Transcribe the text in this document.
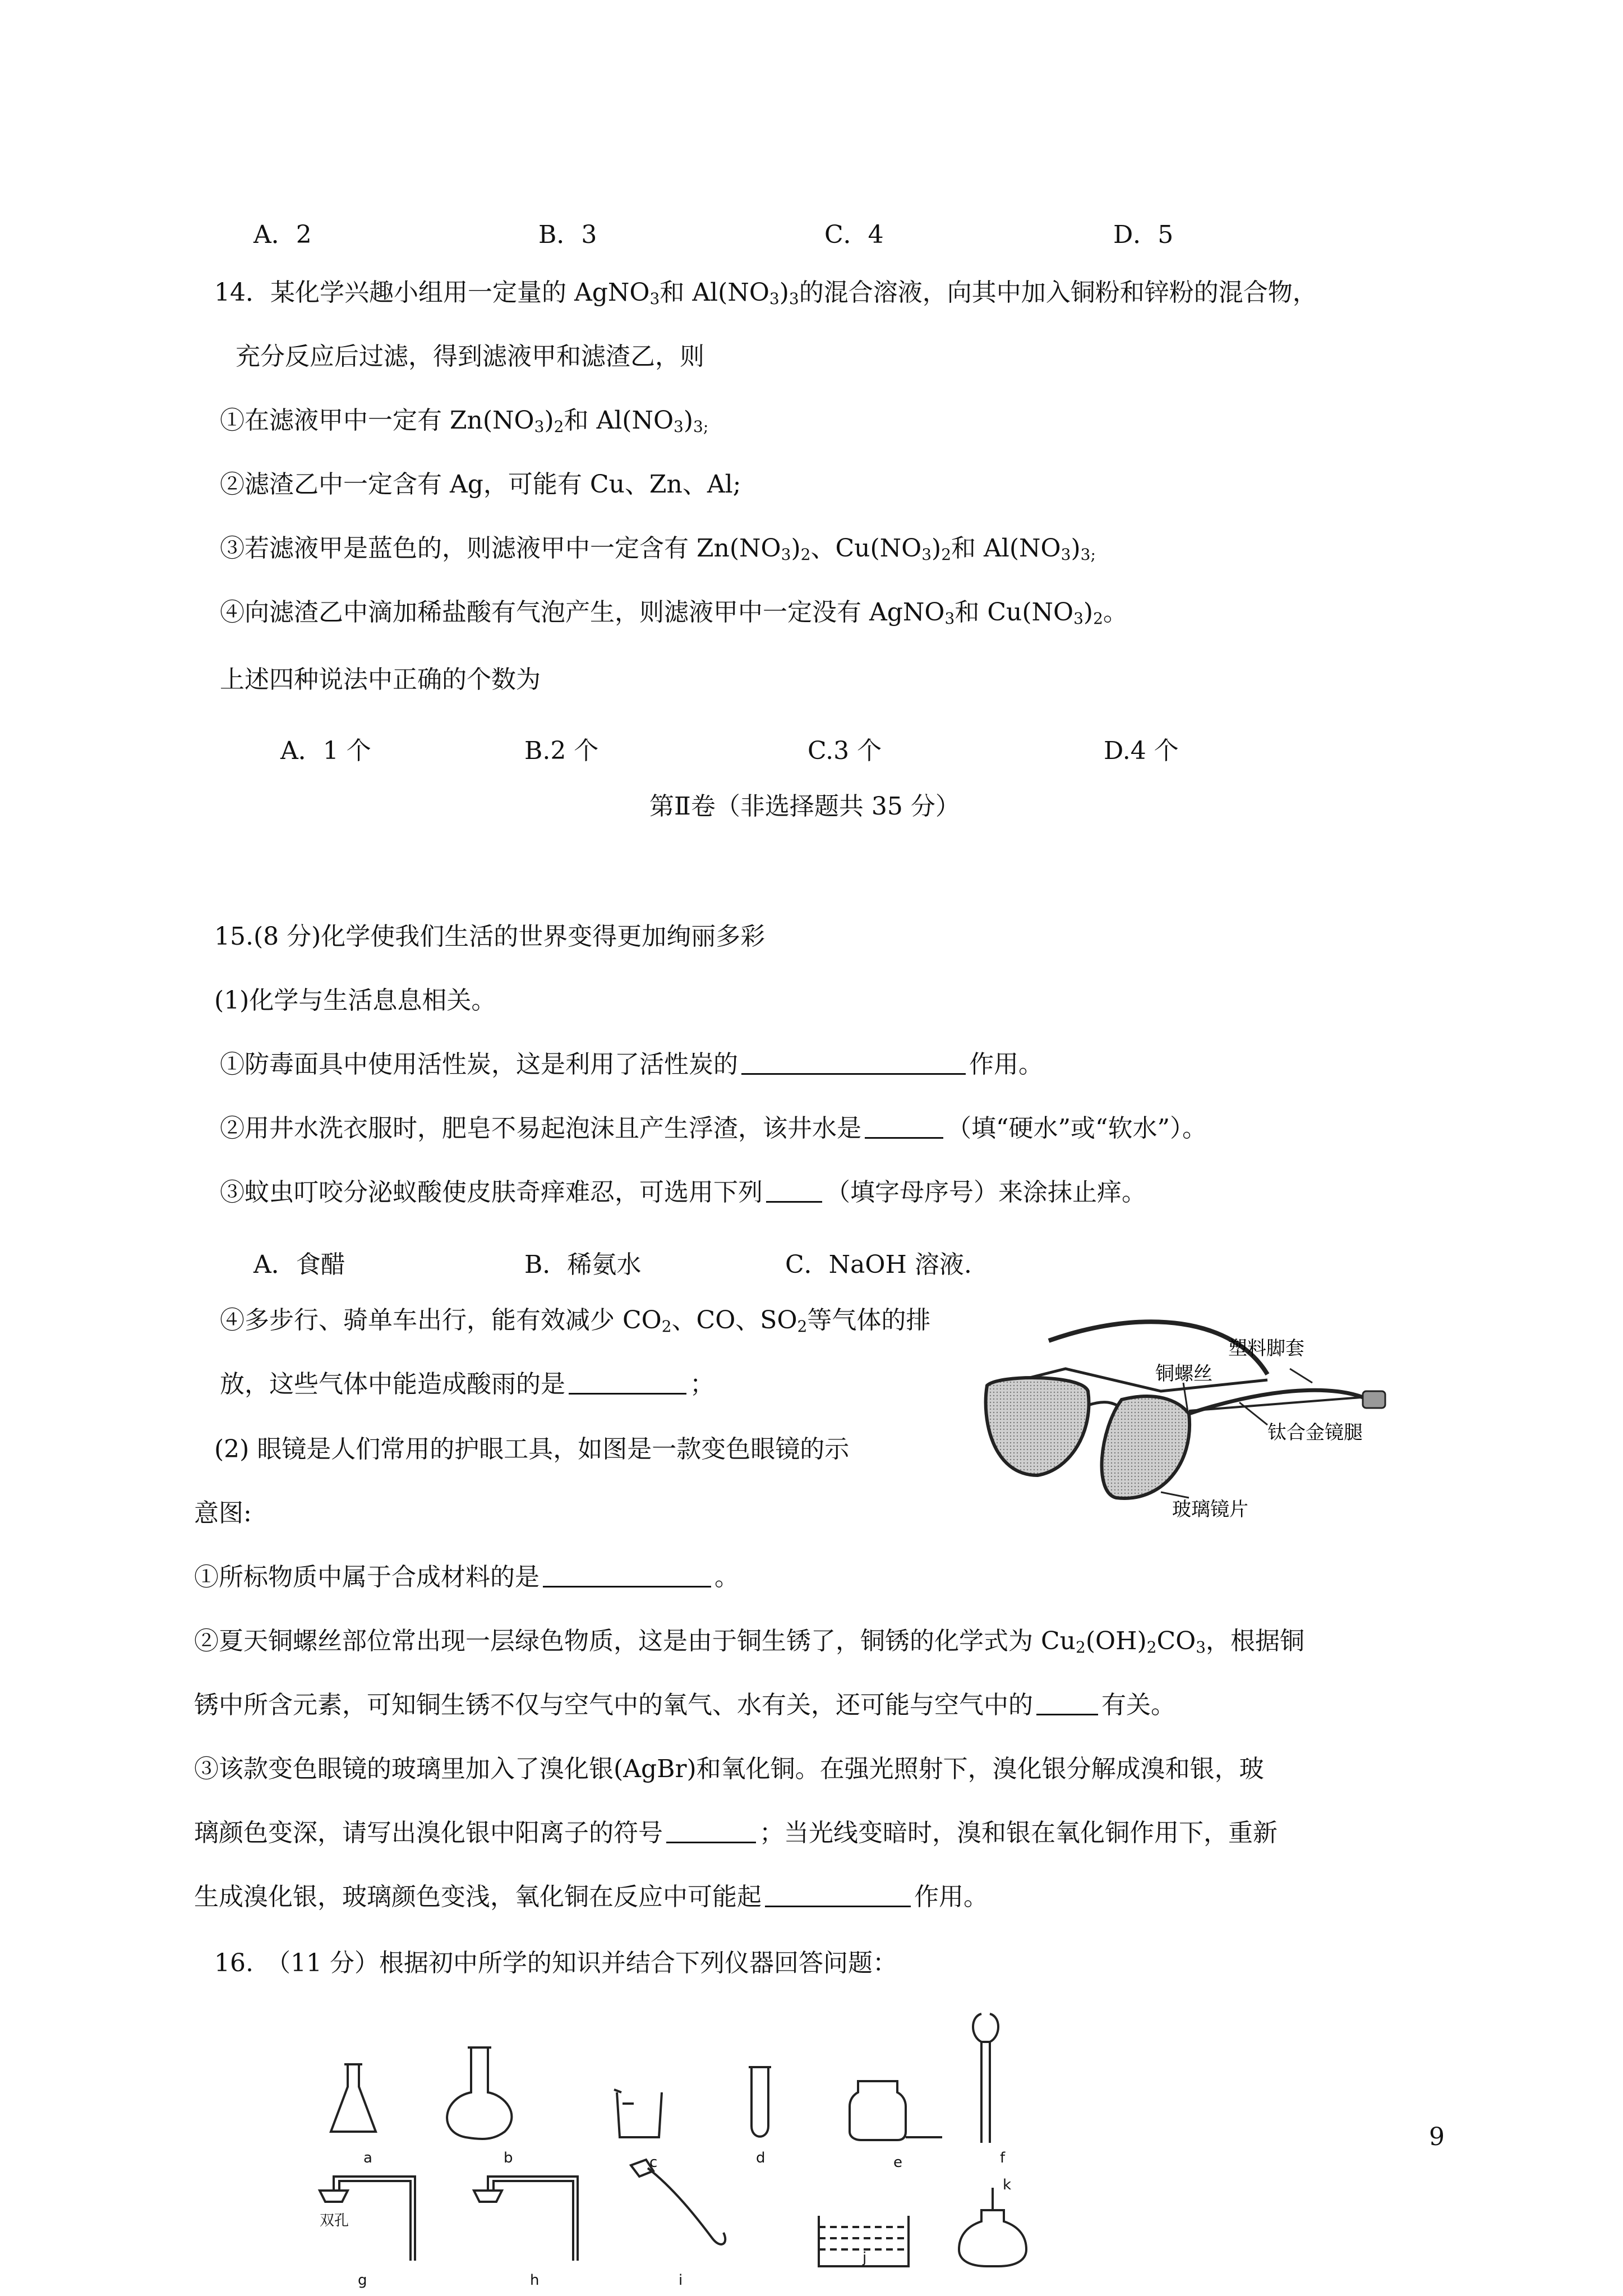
A．2	B．3	C．4	D．5
14．某化学兴趣小组用一定量的 AgNO$_3$和 $Al(NO_3)_3$的混合溶液，向其中加入铜粉和锌粉的混合物，
充分反应后过滤，得到滤液甲和滤渣乙，则
①在滤液甲中一定有 $Zn(NO_3)_2$和 $Al(NO_3)_{3;}$
②滤渣乙中一定含有 Ag，可能有 Cu、Zn、Al;
③若滤液甲是蓝色的，则滤液甲中一定含有 $Zn(NO_3)_2$、$Cu(NO_3)_2$和 $Al(NO_3)_{3;}$
④向滤渣乙中滴加稀盐酸有气泡产生，则滤液甲中一定没有 AgNO$_3$和 $Cu(NO_3)_2$。
上述四种说法中正确的个数为
A．1 个	B.2 个	C.3 个	D.4 个
第Ⅱ卷（非选择题共 35 分）
15.(8 分)化学使我们生活的世界变得更加绚丽多彩
(1)化学与生活息息相关。
①防毒面具中使用活性炭，这是利用了活性炭的	作用。
②用井水洗衣服时，肥皂不易起泡沫且产生浮渣，该井水是	（填“硬水”或“软水”）。
③蚊虫叮咬分泌蚁酸使皮肤奇痒难忍，可选用下列	（填字母序号）来涂抹止痒。
A．食醋	B．稀氨水	C．NaOH 溶液.
④多步行、骑单车出行，能有效减少 $CO_2$、CO、$SO_2$等气体的排
放，这些气体中能造成酸雨的是	；
(2) 眼镜是人们常用的护眼工具，如图是一款变色眼镜的示
意图:
塑料脚套
铜螺丝
钛合金镜腿
玻璃镜片
①所标物质中属于合成材料的是	。
②夏天铜螺丝部位常出现一层绿色物质，这是由于铜生锈了，铜锈的化学式为 $Cu_2(OH)_2CO_3$，根据铜
锈中所含元素，可知铜生锈不仅与空气中的氧气、水有关，还可能与空气中的	有关。
③该款变色眼镜的玻璃里加入了溴化银(AgBr)和氧化铜。在强光照射下，溴化银分解成溴和银，玻
璃颜色变深，请写出溴化银中阳离子的符号	；当光线变暗时，溴和银在氧化铜作用下，重新
生成溴化银，玻璃颜色变浅，氧化铜在反应中可能起	作用。
16.　（11 分）根据初中所学的知识并结合下列仪器回答问题：
a	b	c	d	e	f
双孔
g	h	i
j
k
9
